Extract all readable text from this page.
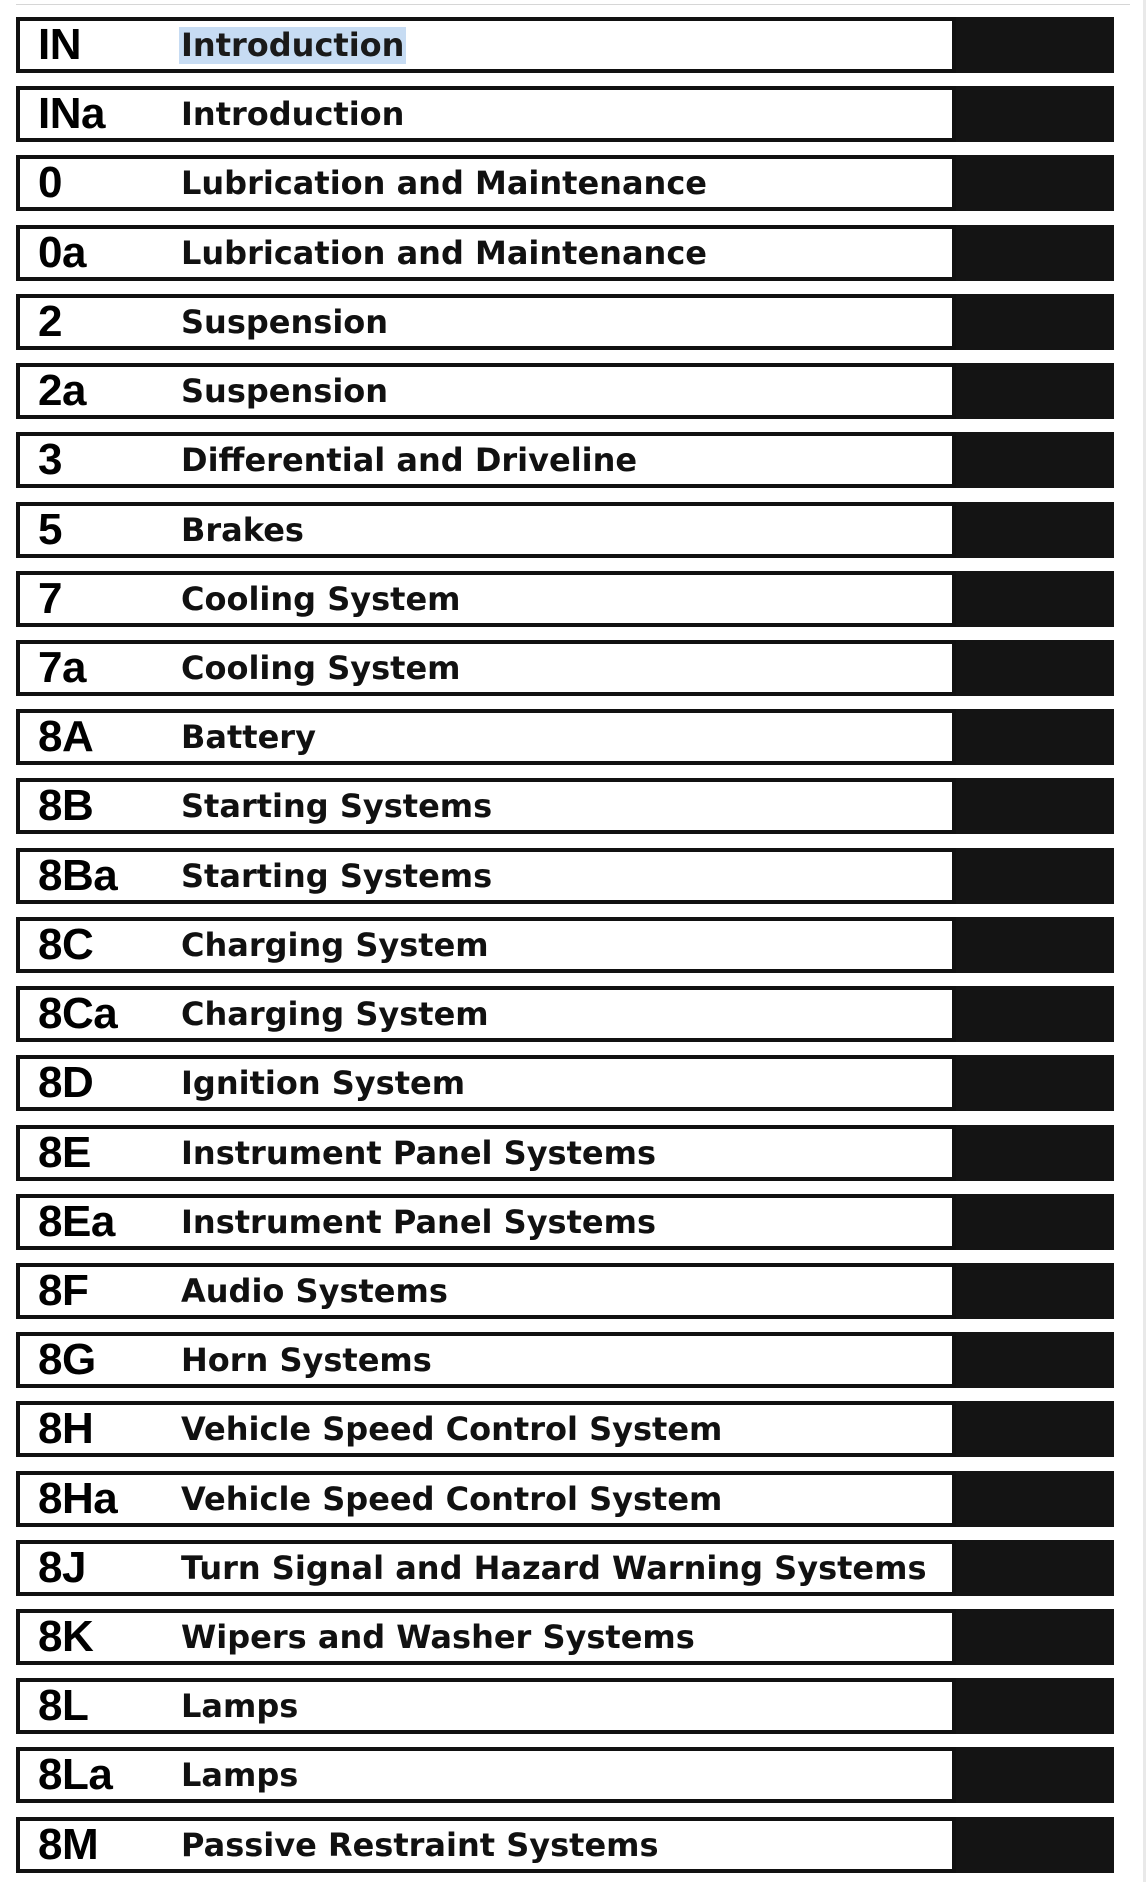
IN	Introduction
INa	Introduction
0	Lubrication and Maintenance
0a	Lubrication and Maintenance
2	Suspension
2a	Suspension
3	Differential and Driveline
5	Brakes
7	Cooling System
7a	Cooling System
8A	Battery
8B	Starting Systems
8Ba	Starting Systems
8C	Charging System
8Ca	Charging System
8D	Ignition System
8E	Instrument Panel Systems
8Ea	Instrument Panel Systems
8F	Audio Systems
8G	Horn Systems
8H	Vehicle Speed Control System
8Ha	Vehicle Speed Control System
8J	Turn Signal and Hazard Warning Systems
8K	Wipers and Washer Systems
8L	Lamps
8La	Lamps
8M	Passive Restraint Systems
